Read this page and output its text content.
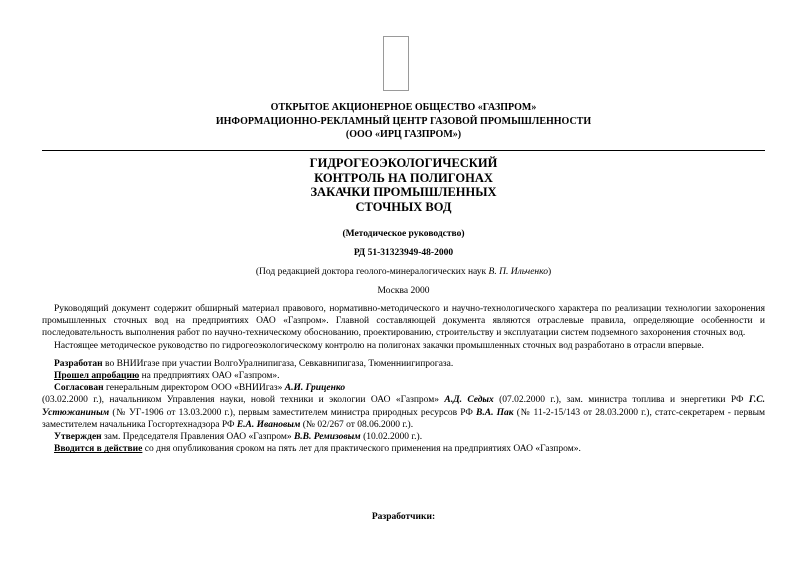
ОТКРЫТОЕ АКЦИОНЕРНОЕ ОБЩЕСТВО «ГАЗПРОМ»
ИНФОРМАЦИОННО-РЕКЛАМНЫЙ ЦЕНТР ГАЗОВОЙ ПРОМЫШЛЕННОСТИ
(ООО «ИРЦ ГАЗПРОМ»)
ГИДРОГЕОЭКОЛОГИЧЕСКИЙ
КОНТРОЛЬ НА ПОЛИГОНАХ
ЗАКАЧКИ ПРОМЫШЛЕННЫХ
СТОЧНЫХ ВОД
(Методическое руководство)
РД 51-31323949-48-2000
(Под редакцией доктора геолого-минералогических наук В. П. Ильченко)
Москва 2000

Руководящий документ содержит обширный материал правового, нормативно-методического и научно-технологического характера по реализации технологии захоронения промышленных сточных вод на предприятиях ОАО «Газпром». Главной составляющей документа являются отраслевые правила, определяющие особенности и последовательность выполнения работ по научно-техническому обоснованию, проектированию, строительству и эксплуатации систем подземного захоронения сточных вод.

Настоящее методическое руководство по гидрогеоэкологическому контролю на полигонах закачки промышленных сточных вод разработано в отрасли впервые.

Разработан во ВНИИгазе при участии ВолгоУралнипигаза, Севкавнипигаза, Тюменниигипрогаза.

Прошел апробацию на предприятиях ОАО «Газпром».

Согласован генеральным директором ООО «ВНИИгаз» А.И. Гриценко

(03.02.2000 г.), начальником Управления науки, новой техники и экологии ОАО «Газпром» А.Д. Седых (07.02.2000 г.), зам. министра топлива и энергетики РФ Г.С. Устюжаниным (№ УГ-1906 от 13.03.2000 г.), первым заместителем министра природных ресурсов РФ В.А. Пак (№ 11-2-15/143 от 28.03.2000 г.), статс-секретарем - первым заместителем начальника Госгортехнадзора РФ Е.А. Ивановым (№ 02/267 от 08.06.2000 г.).

Утвержден зам. Председателя Правления ОАО «Газпром» В.В. Ремизовым (10.02.2000 г.).

Вводится в действие со дня опубликования сроком на пять лет для практического применения на предприятиях ОАО «Газпром».

Разработчики:
